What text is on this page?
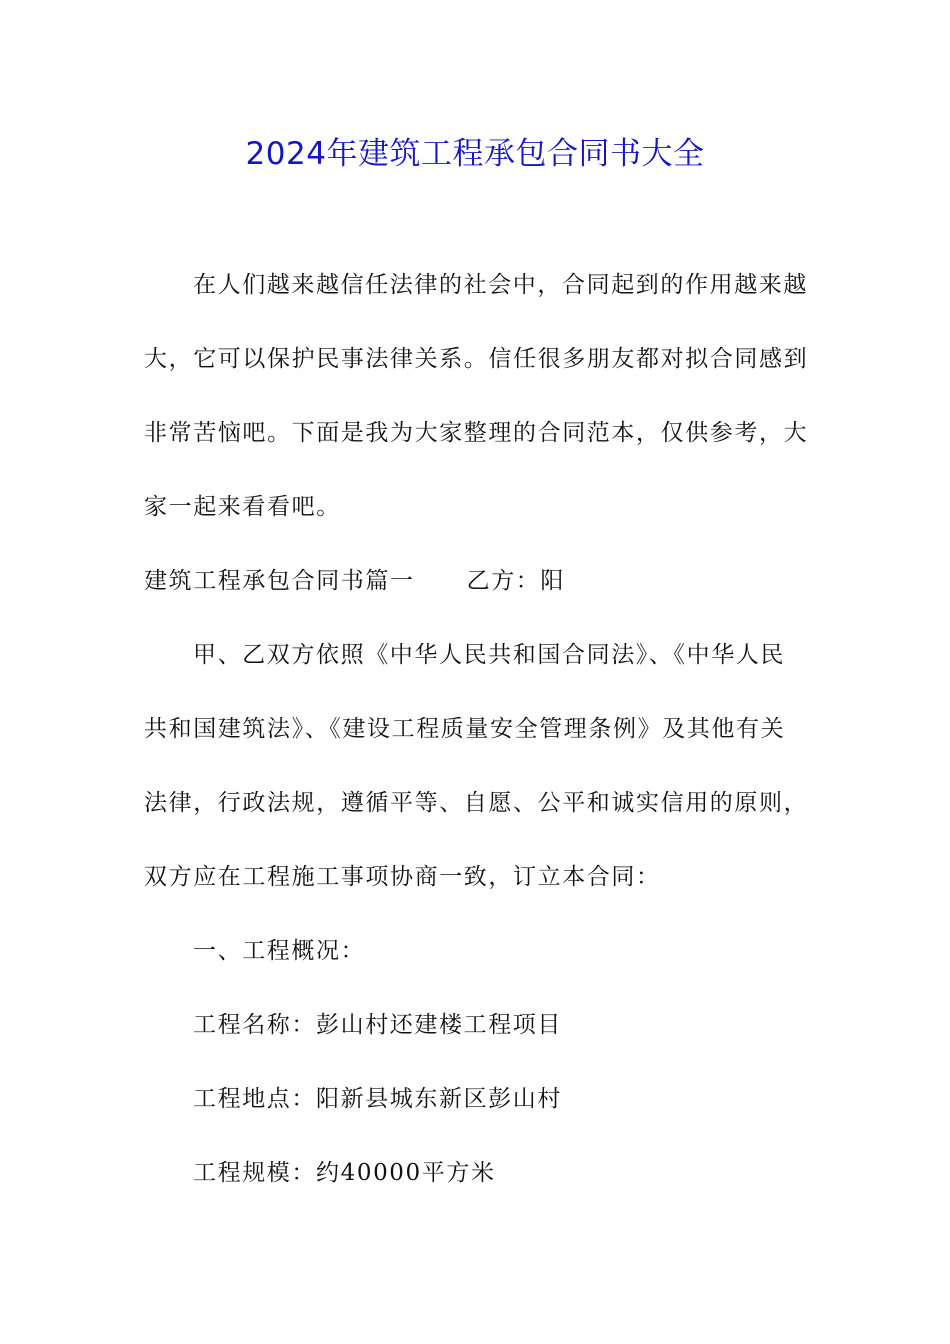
2024年建筑工程承包合同书大全

在人们越来越信任法律的社会中，合同起到的作用越来越

大，它可以保护民事法律关系。信任很多朋友都对拟合同感到

非常苦恼吧。下面是我为大家整理的合同范本，仅供参考，大

家一起来看看吧。

建筑工程承包合同书篇一 乙方：阳

甲、乙双方依照《中华人民共和国合同法》、《中华人民

共和国建筑法》、《建设工程质量安全管理条例》及其他有关

法律，行政法规，遵循平等、自愿、公平和诚实信用的原则，

双方应在工程施工事项协商一致，订立本合同：

一、工程概况：

工程名称：彭山村还建楼工程项目

工程地点：阳新县城东新区彭山村

工程规模：约40000平方米
